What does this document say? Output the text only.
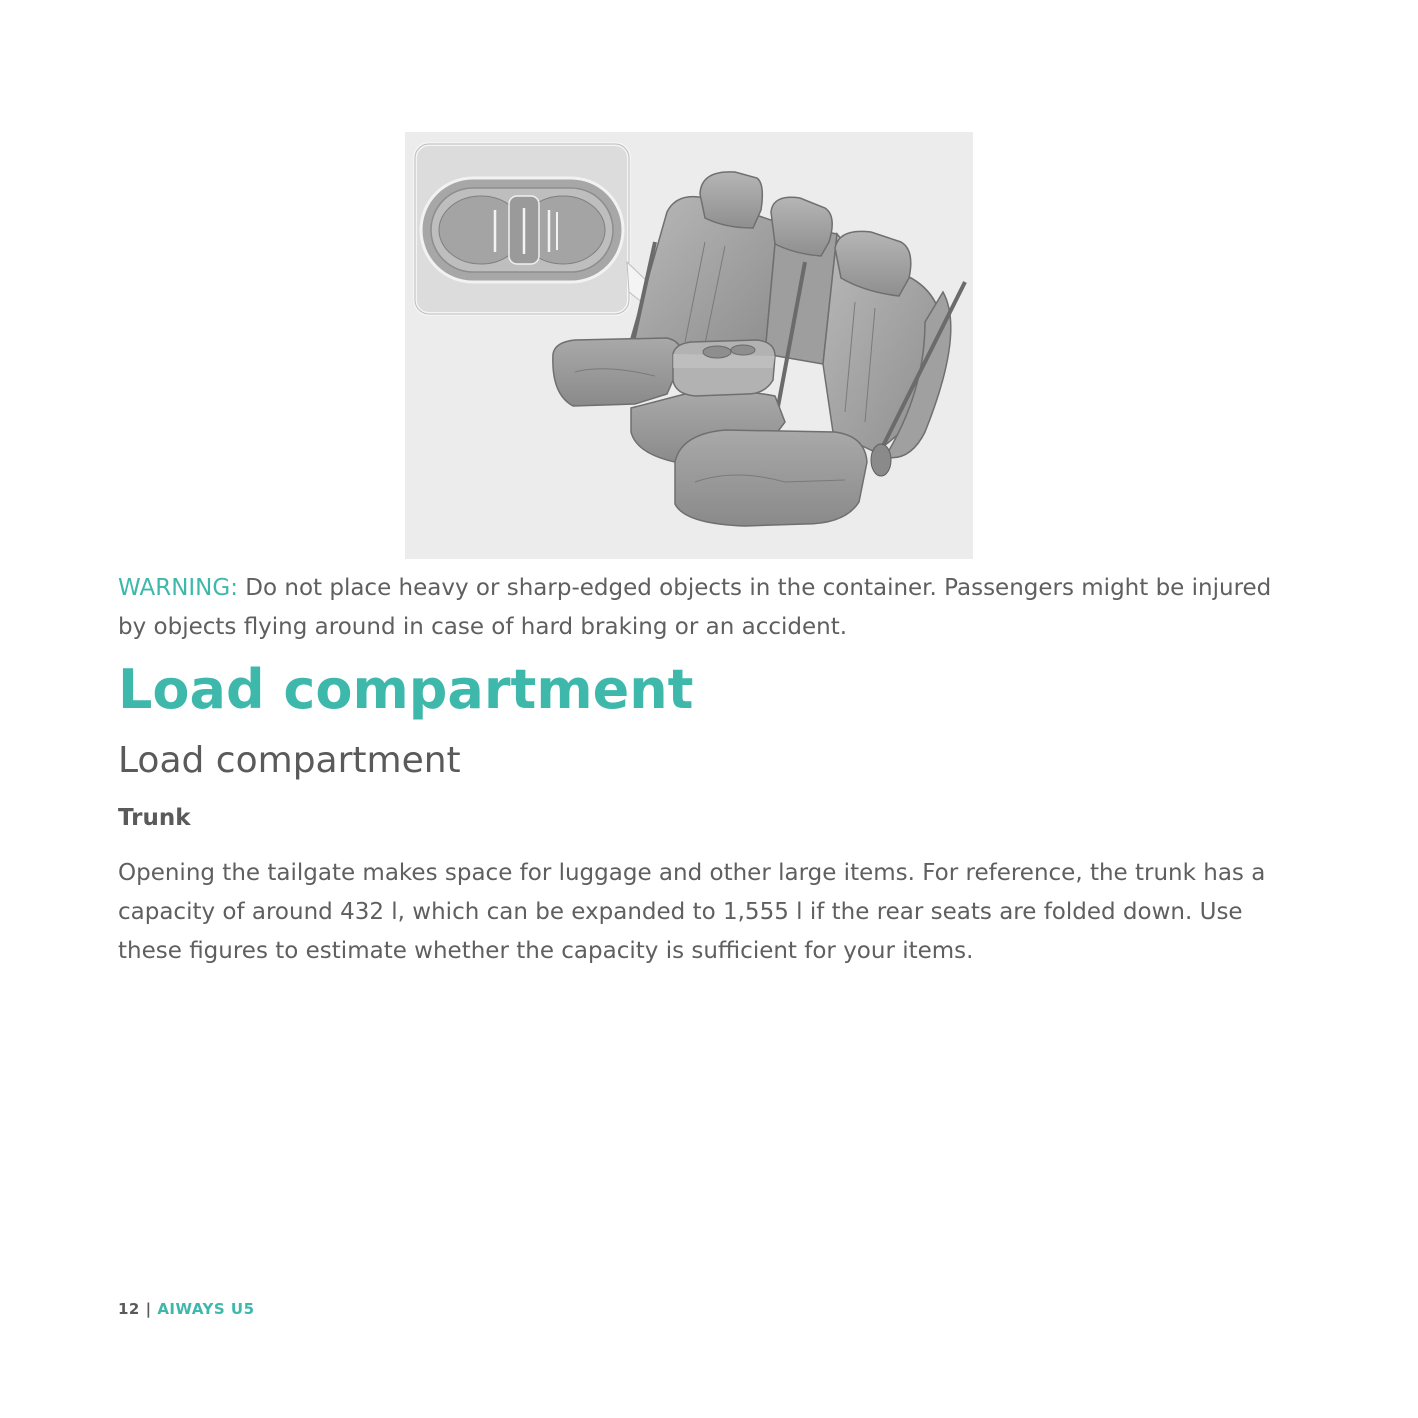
WARNING: Do not place heavy or sharp-edged objects in the container. Passengers might be injured by objects flying around in case of hard braking or an accident.

Load compartment
Load compartment
Trunk

Opening the tailgate makes space for luggage and other large items. For reference, the trunk has a capacity of around 432 l, which can be expanded to 1,555 l if the rear seats are folded down. Use these figures to estimate whether the capacity is sufficient for your items.

12 | AIWAYS U5
